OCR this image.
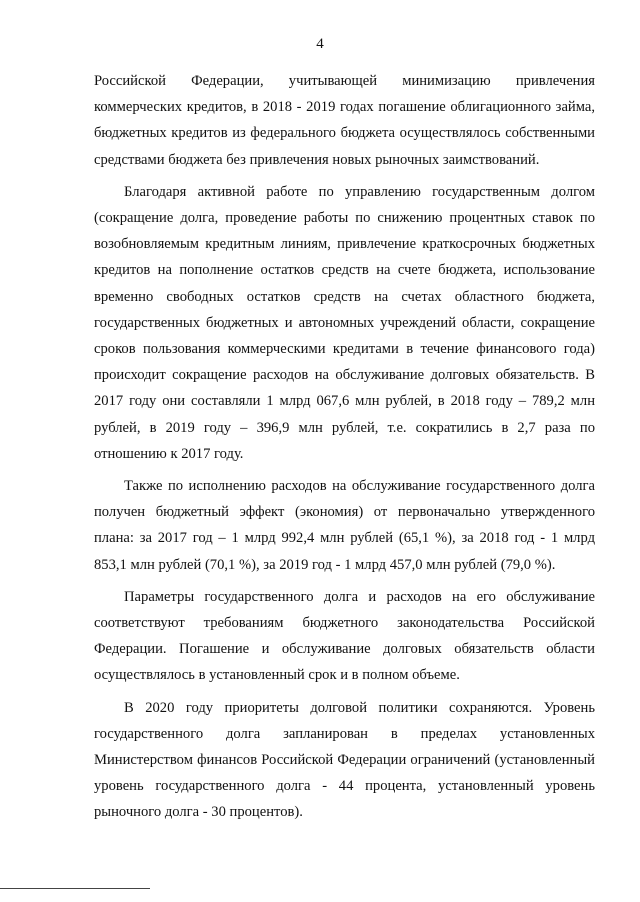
4

Российской Федерации, учитывающей минимизацию привлечения коммерческих кредитов, в 2018 - 2019 годах погашение облигационного займа, бюджетных кредитов из федерального бюджета осуществлялось собственными средствами бюджета без привлечения новых рыночных заимствований.

Благодаря активной работе по управлению государственным долгом (сокращение долга, проведение работы по снижению процентных ставок по возобновляемым кредитным линиям, привлечение краткосрочных бюджетных кредитов на пополнение остатков средств на счете бюджета, использование временно свободных остатков средств на счетах областного бюджета, государственных бюджетных и автономных учреждений области, сокращение сроков пользования коммерческими кредитами в течение финансового года) происходит сокращение расходов на обслуживание долговых обязательств. В 2017 году они составляли 1 млрд 067,6 млн рублей, в 2018 году – 789,2 млн рублей, в 2019 году – 396,9 млн рублей, т.е. сократились в 2,7 раза по отношению к 2017 году.

Также по исполнению расходов на обслуживание государственного долга получен бюджетный эффект (экономия) от первоначально утвержденного плана: за 2017 год – 1 млрд 992,4 млн рублей (65,1 %), за 2018 год - 1 млрд 853,1 млн рублей (70,1 %), за 2019 год - 1 млрд 457,0 млн рублей (79,0 %).

Параметры государственного долга и расходов на его обслуживание соответствуют требованиям бюджетного законодательства Российской Федерации. Погашение и обслуживание долговых обязательств области осуществлялось в установленный срок и в полном объеме.

В 2020 году приоритеты долговой политики сохраняются. Уровень государственного долга запланирован в пределах установленных Министерством финансов Российской Федерации ограничений (установленный уровень государственного долга - 44 процента, установленный уровень рыночного долга - 30 процентов).
